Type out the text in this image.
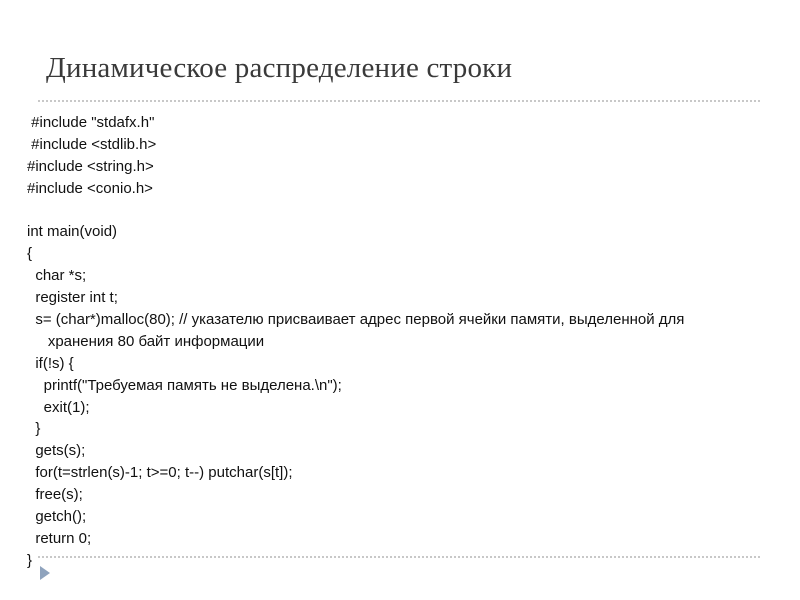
Динамическое распределение строки
#include "stdafx.h"
#include <stdlib.h>
#include <string.h>
#include <conio.h>
int main(void)
{
char *s;
register int t;
s= (char*)malloc(80); // указателю присваивает адрес первой ячейки памяти, выделенной для
хранения 80 байт информации
if(!s) {
printf("Требуемая память не выделена.\n");
exit(1);
}
gets(s);
for(t=strlen(s)-1; t>=0; t--) putchar(s[t]);
free(s);
getch();
return 0;
}
